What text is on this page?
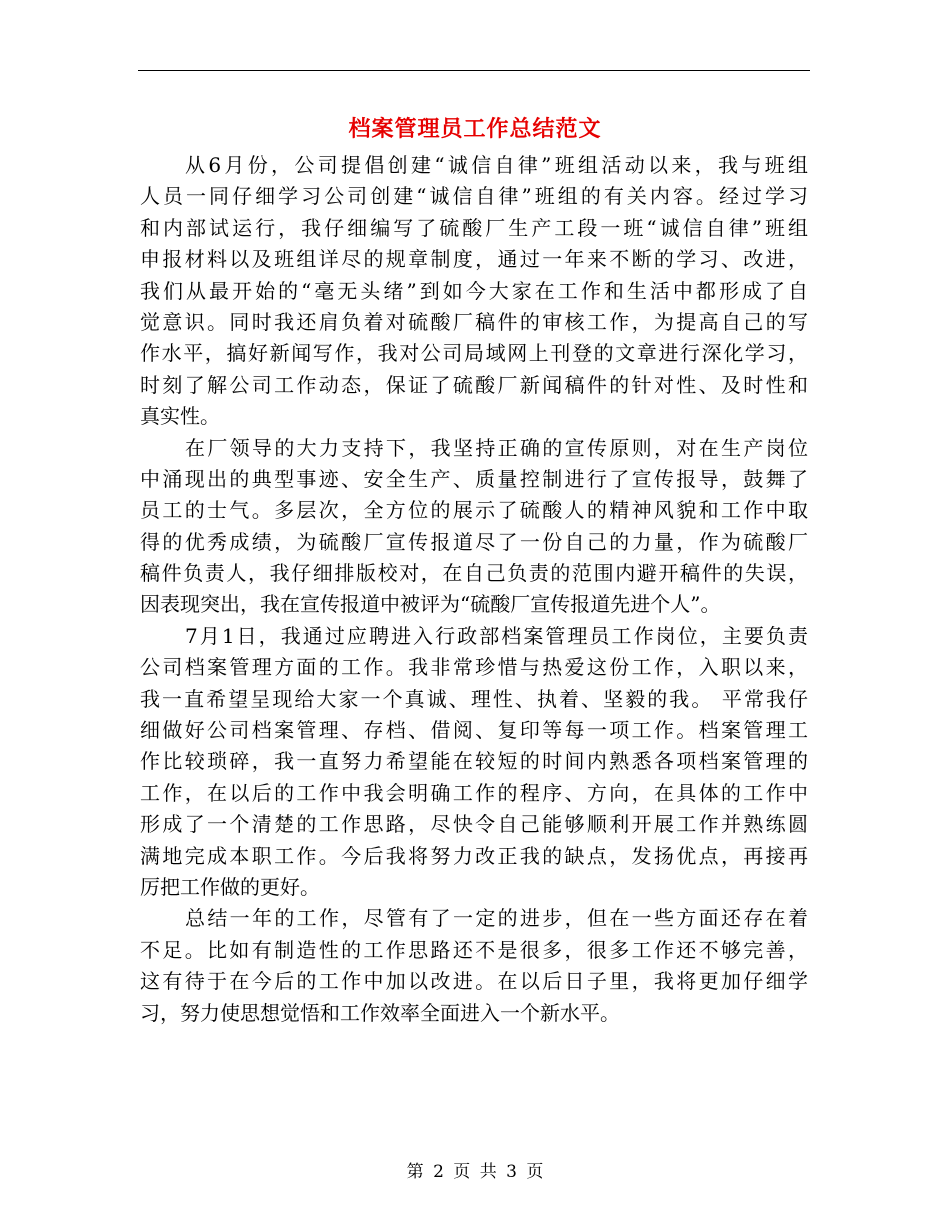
档案管理员工作总结范文
从6月份，公司提倡创建“诚信自律”班组活动以来，我与班组
人员一同仔细学习公司创建“诚信自律”班组的有关内容。经过学习
和内部试运行，我仔细编写了硫酸厂生产工段一班“诚信自律”班组
申报材料以及班组详尽的规章制度，通过一年来不断的学习、改进，
我们从最开始的“毫无头绪”到如今大家在工作和生活中都形成了自
觉意识。同时我还肩负着对硫酸厂稿件的审核工作，为提高自己的写
作水平，搞好新闻写作，我对公司局域网上刊登的文章进行深化学习，
时刻了解公司工作动态，保证了硫酸厂新闻稿件的针对性、及时性和
真实性。
在厂领导的大力支持下，我坚持正确的宣传原则，对在生产岗位
中涌现出的典型事迹、安全生产、质量控制进行了宣传报导，鼓舞了
员工的士气。多层次，全方位的展示了硫酸人的精神风貌和工作中取
得的优秀成绩，为硫酸厂宣传报道尽了一份自己的力量，作为硫酸厂
稿件负责人，我仔细排版校对，在自己负责的范围内避开稿件的失误，
因表现突出，我在宣传报道中被评为“硫酸厂宣传报道先进个人”。
7月1日，我通过应聘进入行政部档案管理员工作岗位，主要负责
公司档案管理方面的工作。我非常珍惜与热爱这份工作，入职以来，
我一直希望呈现给大家一个真诚、理性、执着、坚毅的我。 平常我仔
细做好公司档案管理、存档、借阅、复印等每一项工作。档案管理工
作比较琐碎，我一直努力希望能在较短的时间内熟悉各项档案管理的
工作，在以后的工作中我会明确工作的程序、方向，在具体的工作中
形成了一个清楚的工作思路，尽快令自己能够顺利开展工作并熟练圆
满地完成本职工作。今后我将努力改正我的缺点，发扬优点，再接再
厉把工作做的更好。
总结一年的工作，尽管有了一定的进步，但在一些方面还存在着
不足。比如有制造性的工作思路还不是很多，很多工作还不够完善，
这有待于在今后的工作中加以改进。在以后日子里，我将更加仔细学
习，努力使思想觉悟和工作效率全面进入一个新水平。
第 2 页 共 3 页
